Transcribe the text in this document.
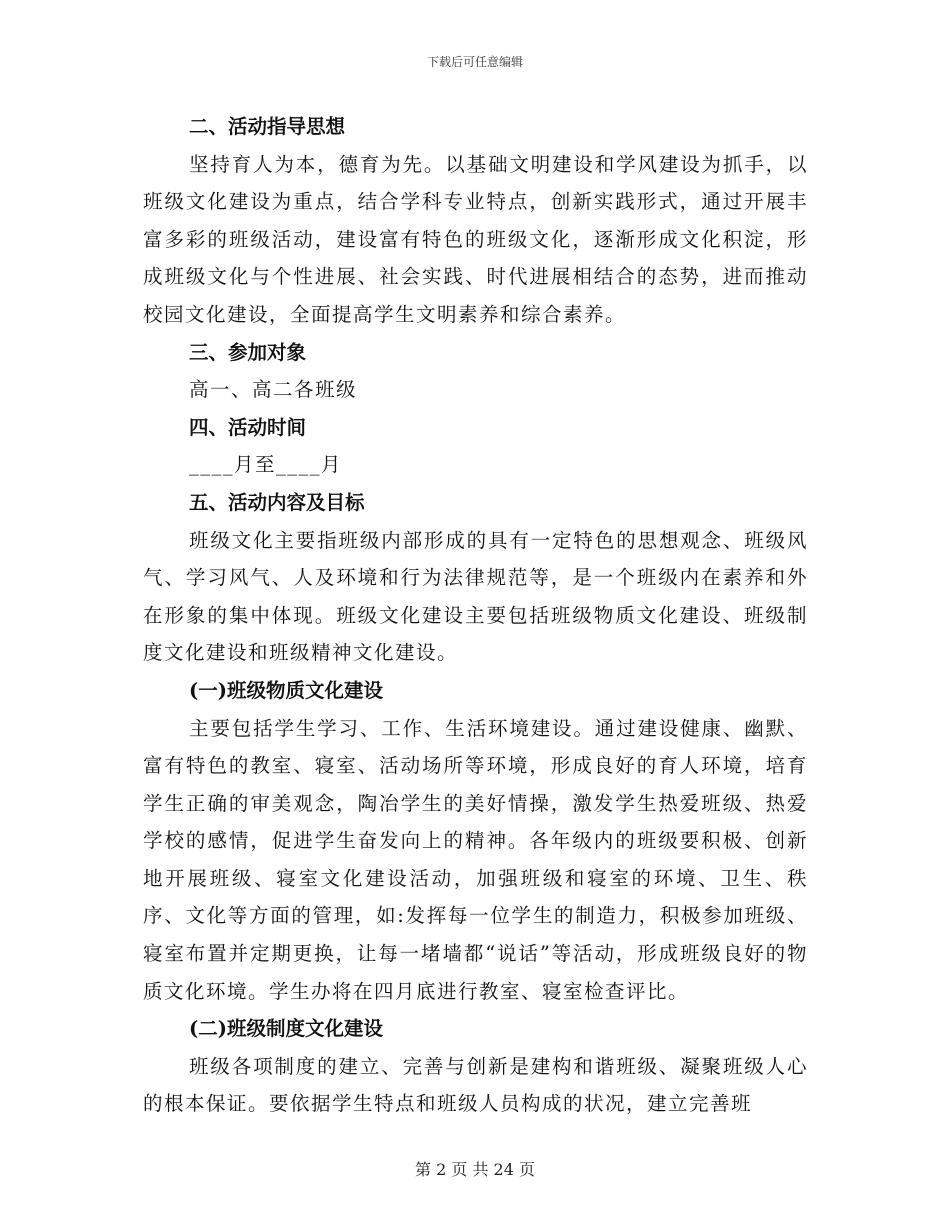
下载后可任意编辑

二、活动指导思想

坚持育人为本，德育为先。以基础文明建设和学风建设为抓手，以班级文化建设为重点，结合学科专业特点，创新实践形式，通过开展丰富多彩的班级活动，建设富有特色的班级文化，逐渐形成文化积淀，形成班级文化与个性进展、社会实践、时代进展相结合的态势，进而推动校园文化建设，全面提高学生文明素养和综合素养。

三、参加对象

高一、高二各班级

四、活动时间

____月至____月

五、活动内容及目标

班级文化主要指班级内部形成的具有一定特色的思想观念、班级风气、学习风气、人及环境和行为法律规范等，是一个班级内在素养和外在形象的集中体现。班级文化建设主要包括班级物质文化建设、班级制度文化建设和班级精神文化建设。

(一)班级物质文化建设

主要包括学生学习、工作、生活环境建设。通过建设健康、幽默、富有特色的教室、寝室、活动场所等环境，形成良好的育人环境，培育学生正确的审美观念，陶冶学生的美好情操，激发学生热爱班级、热爱学校的感情，促进学生奋发向上的精神。各年级内的班级要积极、创新地开展班级、寝室文化建设活动，加强班级和寝室的环境、卫生、秩序、文化等方面的管理，如:发挥每一位学生的制造力，积极参加班级、寝室布置并定期更换，让每一堵墙都“说话”等活动，形成班级良好的物质文化环境。学生办将在四月底进行教室、寝室检查评比。

(二)班级制度文化建设

班级各项制度的建立、完善与创新是建构和谐班级、凝聚班级人心的根本保证。要依据学生特点和班级人员构成的状况，建立完善班

第 2 页 共 24 页
